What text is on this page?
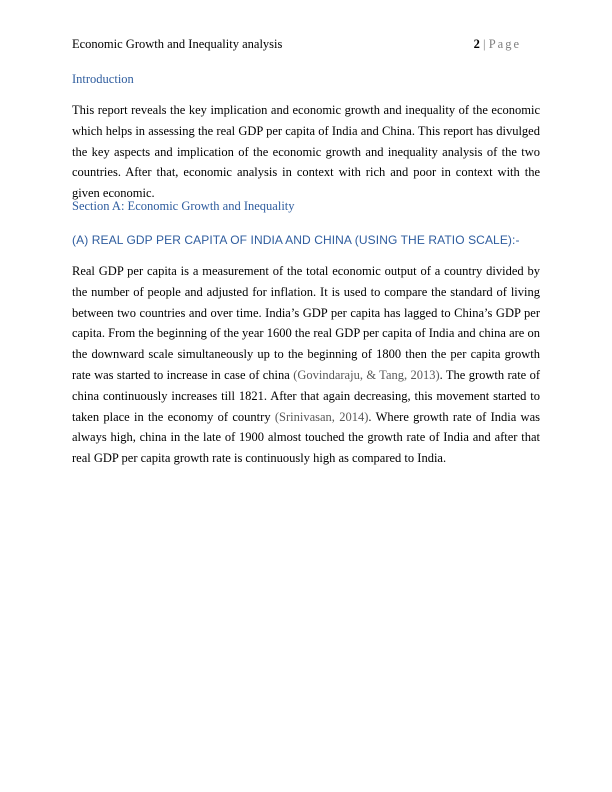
Economic Growth and Inequality analysis	2 | Page
Introduction

This report reveals the key implication and economic growth and inequality of the economic which helps in assessing the real GDP per capita of India and China. This report has divulged the key aspects and implication of the economic growth and inequality analysis of the two countries. After that, economic analysis in context with rich and poor in context with the given economic.

Section A: Economic Growth and Inequality
(A) REAL GDP PER CAPITA OF INDIA AND CHINA (USING THE RATIO SCALE):-

Real GDP per capita is a measurement of the total economic output of a country divided by the number of people and adjusted for inflation. It is used to compare the standard of living between two countries and over time. India’s GDP per capita has lagged to China’s GDP per capita. From the beginning of the year 1600 the real GDP per capita of India and china are on the downward scale simultaneously up to the beginning of 1800 then the per capita growth rate was started to increase in case of china (Govindaraju, & Tang, 2013). The growth rate of china continuously increases till 1821. After that again decreasing, this movement started to taken place in the economy of country (Srinivasan, 2014). Where growth rate of India was always high, china in the late of 1900 almost touched the growth rate of India and after that real GDP per capita growth rate is continuously high as compared to India.
